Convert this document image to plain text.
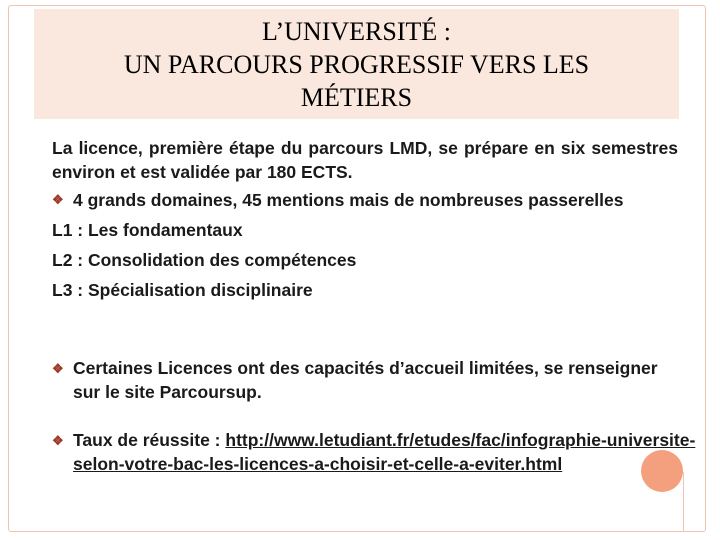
L’UNIVERSITÉ :
UN PARCOURS PROGRESSIF VERS LES
MÉTIERS

La licence, première étape du parcours LMD, se prépare en six semestres environ et est validée par 180 ECTS.

❖ 4 grands domaines, 45 mentions mais de nombreuses passerelles
L1 : Les fondamentaux
L2 : Consolidation des compétences
L3 : Spécialisation disciplinaire
❖ Certaines Licences ont des capacités d’accueil limitées, se renseigner sur le site Parcoursup.
❖ Taux de réussite : http://www.letudiant.fr/etudes/fac/infographie-universite-selon-votre-bac-les-licences-a-choisir-et-celle-a-eviter.html
